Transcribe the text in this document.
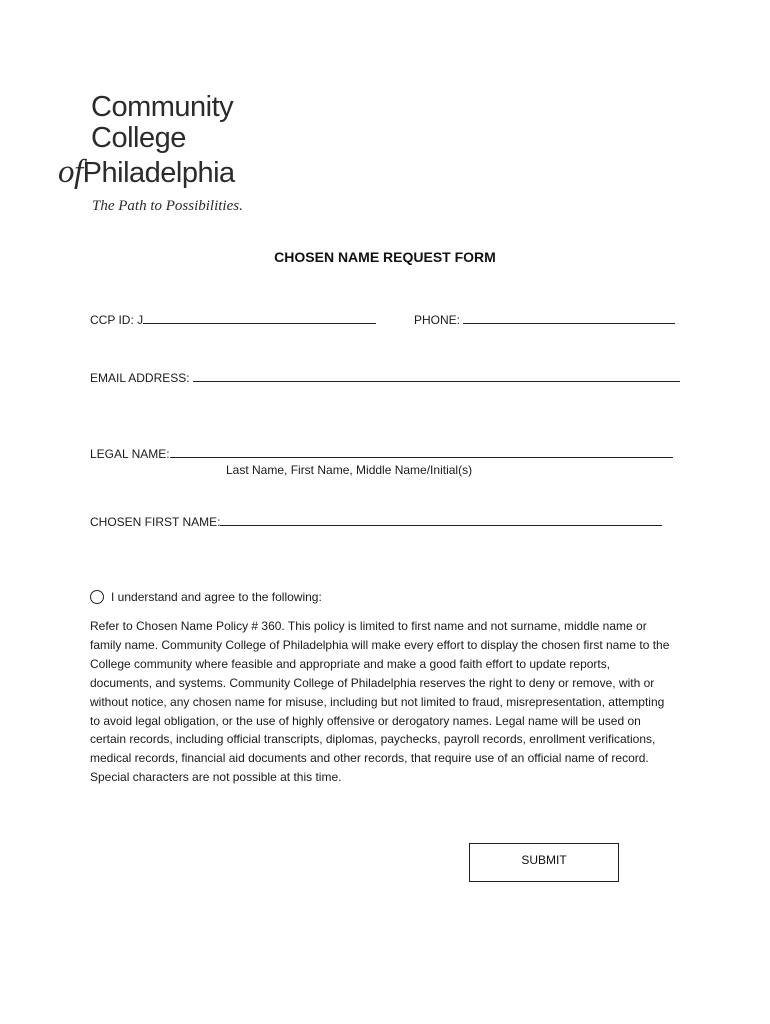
Community
College
ofPhiladelphia
The Path to Possibilities.
CHOSEN NAME REQUEST FORM
CCP ID: J	PHONE:
EMAIL ADDRESS:
LEGAL NAME:
Last Name, First Name, Middle Name/Initial(s)
CHOSEN FIRST NAME:
I understand and agree to the following:
Refer to Chosen Name Policy # 360. This policy is limited to first name and not surname, middle name or family name. Community College of Philadelphia will make every effort to display the chosen first name to the College community where feasible and appropriate and make a good faith effort to update reports, documents, and systems. Community College of Philadelphia reserves the right to deny or remove, with or without notice, any chosen name for misuse, including but not limited to fraud, misrepresentation, attempting to avoid legal obligation, or the use of highly offensive or derogatory names. Legal name will be used on certain records, including official transcripts, diplomas, paychecks, payroll records, enrollment verifications, medical records, financial aid documents and other records, that require use of an official name of record. Special characters are not possible at this time.
SUBMIT
